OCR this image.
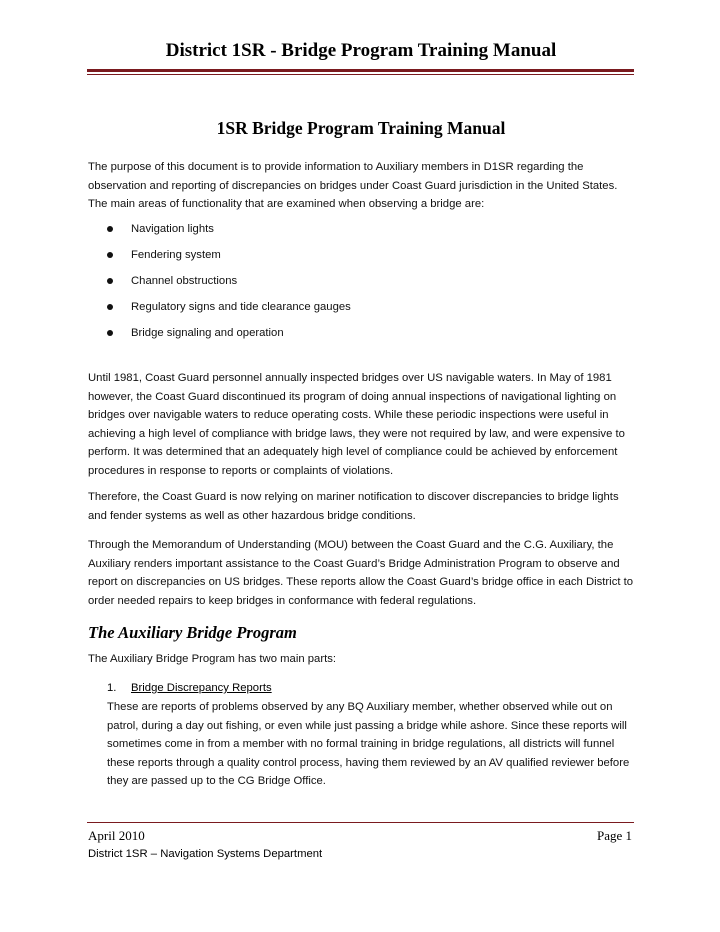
District 1SR - Bridge Program Training Manual
1SR Bridge Program Training Manual

The purpose of this document is to provide information to Auxiliary members in D1SR regarding the observation and reporting of discrepancies on bridges under Coast Guard jurisdiction in the United States. The main areas of functionality that are examined when observing a bridge are:

Navigation lights
Fendering system
Channel obstructions
Regulatory signs and tide clearance gauges
Bridge signaling and operation

Until 1981, Coast Guard personnel annually inspected bridges over US navigable waters. In May of 1981 however, the Coast Guard discontinued its program of doing annual inspections of navigational lighting on bridges over navigable waters to reduce operating costs. While these periodic inspections were useful in achieving a high level of compliance with bridge laws, they were not required by law, and were expensive to perform. It was determined that an adequately high level of compliance could be achieved by enforcement procedures in response to reports or complaints of violations.

Therefore, the Coast Guard is now relying on mariner notification to discover discrepancies to bridge lights and fender systems as well as other hazardous bridge conditions.

Through the Memorandum of Understanding (MOU) between the Coast Guard and the C.G. Auxiliary, the Auxiliary renders important assistance to the Coast Guard’s Bridge Administration Program to observe and report on discrepancies on US bridges. These reports allow the Coast Guard’s bridge office in each District to order needed repairs to keep bridges in conformance with federal regulations.

The Auxiliary Bridge Program

The Auxiliary Bridge Program has two main parts:

1. Bridge Discrepancy Reports

These are reports of problems observed by any BQ Auxiliary member, whether observed while out on patrol, during a day out fishing, or even while just passing a bridge while ashore. Since these reports will sometimes come in from a member with no formal training in bridge regulations, all districts will funnel these reports through a quality control process, having them reviewed by an AV qualified reviewer before they are passed up to the CG Bridge Office.

April 2010	Page 1
District 1SR – Navigation Systems Department
